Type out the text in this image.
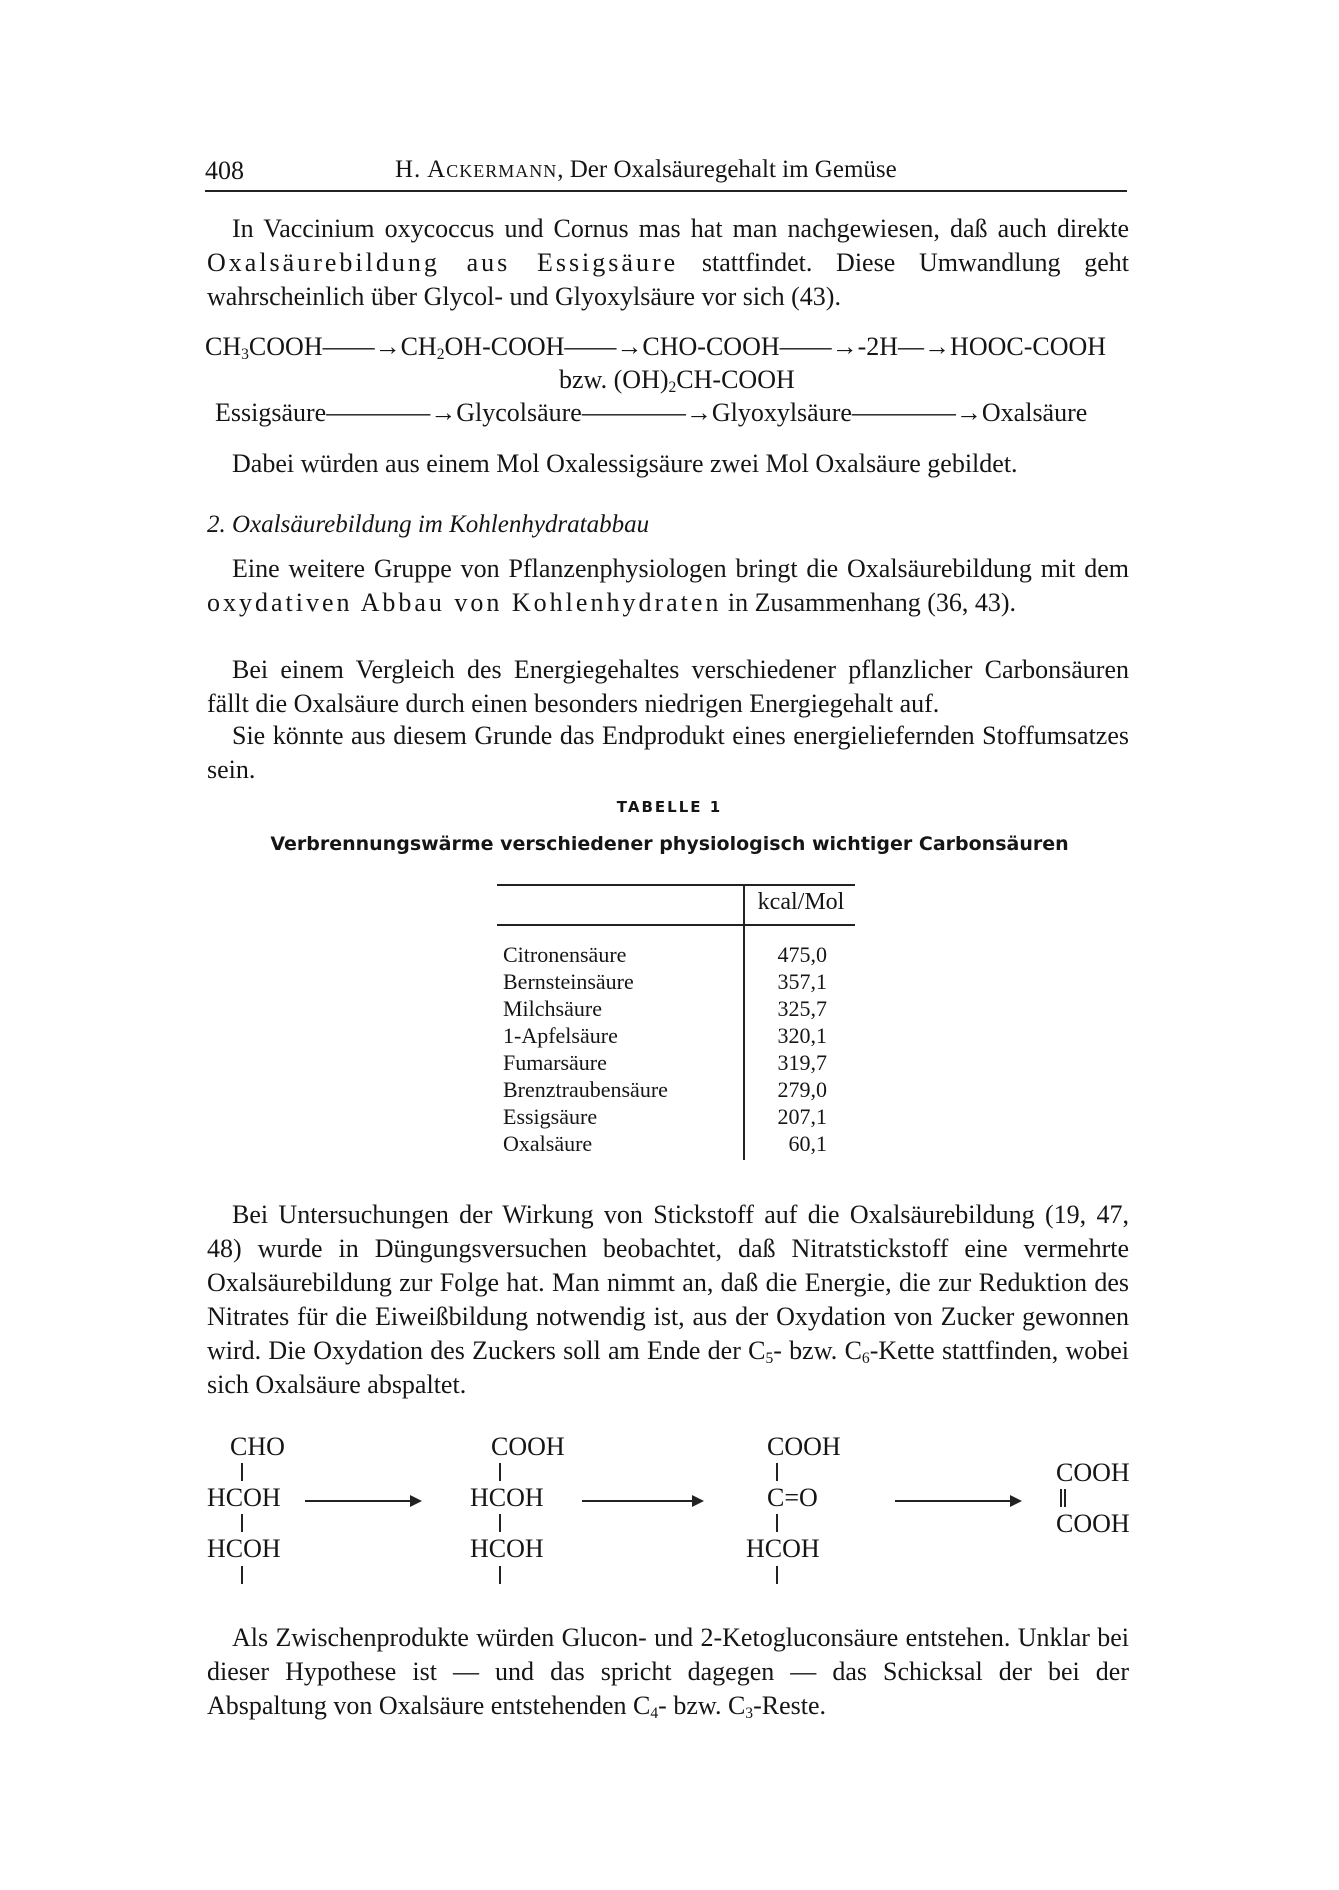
408	H. Ackermann, Der Oxalsäuregehalt im Gemüse
In Vaccinium oxycoccus und Cornus mas hat man nachgewiesen, daß auch direkte Oxalsäurebildung aus Essigsäure stattfindet. Diese Umwandlung geht wahrscheinlich über Glycol- und Glyoxylsäure vor sich (43).
$CH_3COOH——\to CH_2OH-COOH——\to CHO-COOH——\to-2H—\to HOOC$-COOH
bzw. $(OH)_2CH$-COOH
Essigsäure————→Glycolsäure————→Glyoxylsäure————→Oxalsäure
Dabei würden aus einem Mol Oxalessigsäure zwei Mol Oxalsäure gebildet.
2. Oxalsäurebildung im Kohlenhydratabbau
Eine weitere Gruppe von Pflanzenphysiologen bringt die Oxalsäurebildung mit dem oxydativen Abbau von Kohlenhydraten in Zusammenhang (36, 43).
Bei einem Vergleich des Energiegehaltes verschiedener pflanzlicher Carbonsäuren fällt die Oxalsäure durch einen besonders niedrigen Energiegehalt auf.
Sie könnte aus diesem Grunde das Endprodukt eines energieliefernden Stoffumsatzes sein.
TABELLE 1
Verbrennungswärme verschiedener physiologisch wichtiger Carbonsäuren
kcal/Mol
Citronensäure	475,0
Bernsteinsäure	357,1
Milchsäure	325,7
1-Apfelsäure	320,1
Fumarsäure	319,7
Brenztraubensäure	279,0
Essigsäure	207,1
Oxalsäure	60,1
Bei Untersuchungen der Wirkung von Stickstoff auf die Oxalsäurebildung (19, 47, 48) wurde in Düngungsversuchen beobachtet, daß Nitratstickstoff eine vermehrte Oxalsäurebildung zur Folge hat. Man nimmt an, daß die Energie, die zur Reduktion des Nitrates für die Eiweißbildung notwendig ist, aus der Oxydation von Zucker gewonnen wird. Die Oxydation des Zuckers soll am Ende der $C_5-$ bzw. $C_6$-Kette stattfinden, wobei sich Oxalsäure abspaltet.
CHO
HCOH
HCOH
COOH
HCOH
HCOH
COOH
C=O
HCOH
COOH
COOH
Als Zwischenprodukte würden Glucon- und 2-Ketogluconsäure entstehen. Unklar bei dieser Hypothese ist — und das spricht dagegen — das Schicksal der bei der Abspaltung von Oxalsäure entstehenden $C_4-$ bzw. $C_3$-Reste.
